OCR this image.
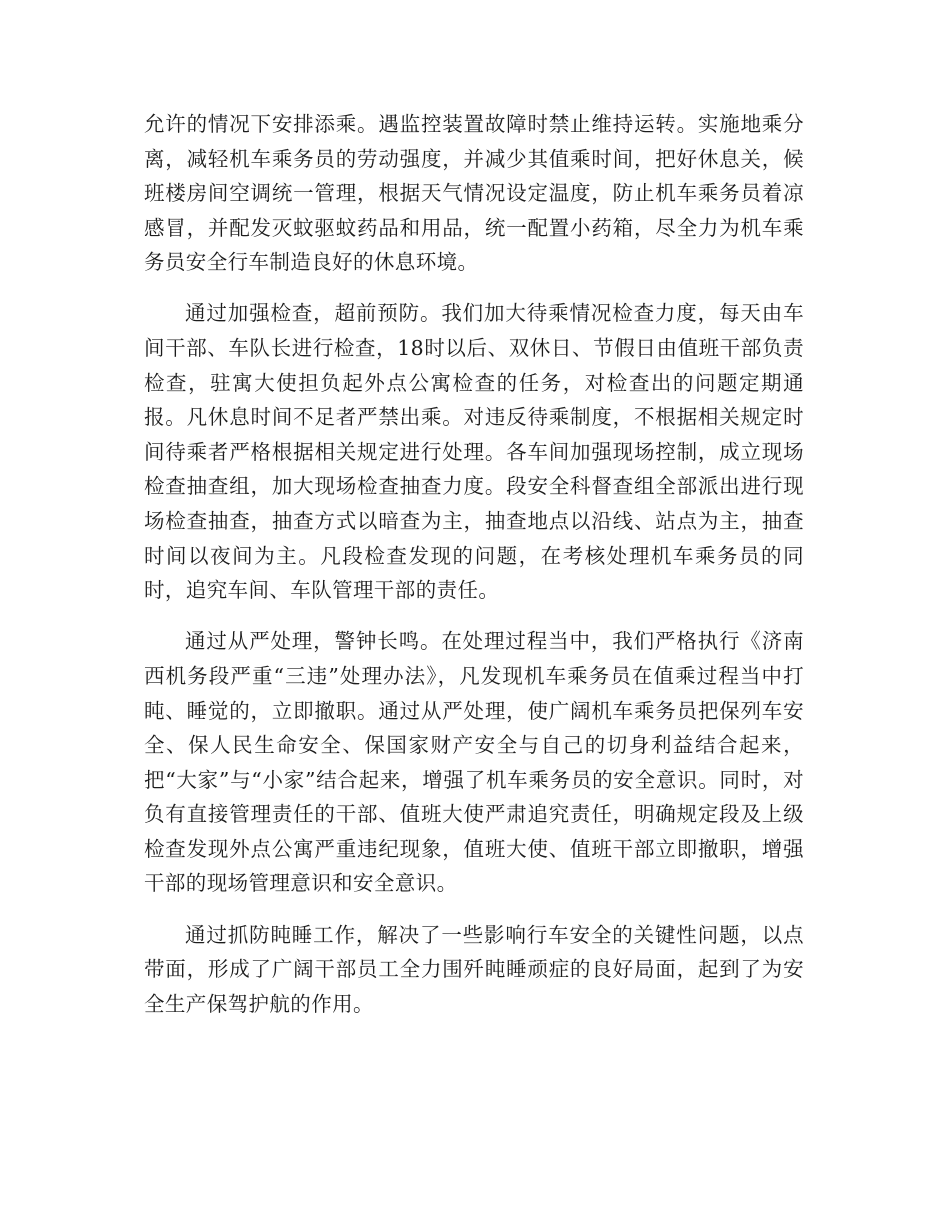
允许的情况下安排添乘。遇监控装置故障时禁止维持运转。实施地乘分离，减轻机车乘务员的劳动强度，并减少其值乘时间，把好休息关，候班楼房间空调统一管理，根据天气情况设定温度，防止机车乘务员着凉感冒，并配发灭蚊驱蚊药品和用品，统一配置小药箱，尽全力为机车乘务员安全行车制造良好的休息环境。

通过加强检查，超前预防。我们加大待乘情况检查力度，每天由车间干部、车队长进行检查，18时以后、双休日、节假日由值班干部负责检查，驻寓大使担负起外点公寓检查的任务，对检查出的问题定期通报。凡休息时间不足者严禁出乘。对违反待乘制度，不根据相关规定时间待乘者严格根据相关规定进行处理。各车间加强现场控制，成立现场检查抽查组，加大现场检查抽查力度。段安全科督查组全部派出进行现场检查抽查，抽查方式以暗查为主，抽查地点以沿线、站点为主，抽查时间以夜间为主。凡段检查发现的问题，在考核处理机车乘务员的同时，追究车间、车队管理干部的责任。

通过从严处理，警钟长鸣。在处理过程当中，我们严格执行《济南西机务段严重“三违”处理办法》，凡发现机车乘务员在值乘过程当中打盹、睡觉的，立即撤职。通过从严处理，使广阔机车乘务员把保列车安全、保人民生命安全、保国家财产安全与自己的切身利益结合起来，把“大家”与“小家”结合起来，增强了机车乘务员的安全意识。同时，对负有直接管理责任的干部、值班大使严肃追究责任，明确规定段及上级检查发现外点公寓严重违纪现象，值班大使、值班干部立即撤职，增强干部的现场管理意识和安全意识。

通过抓防盹睡工作，解决了一些影响行车安全的关键性问题，以点带面，形成了广阔干部员工全力围歼盹睡顽症的良好局面，起到了为安全生产保驾护航的作用。
